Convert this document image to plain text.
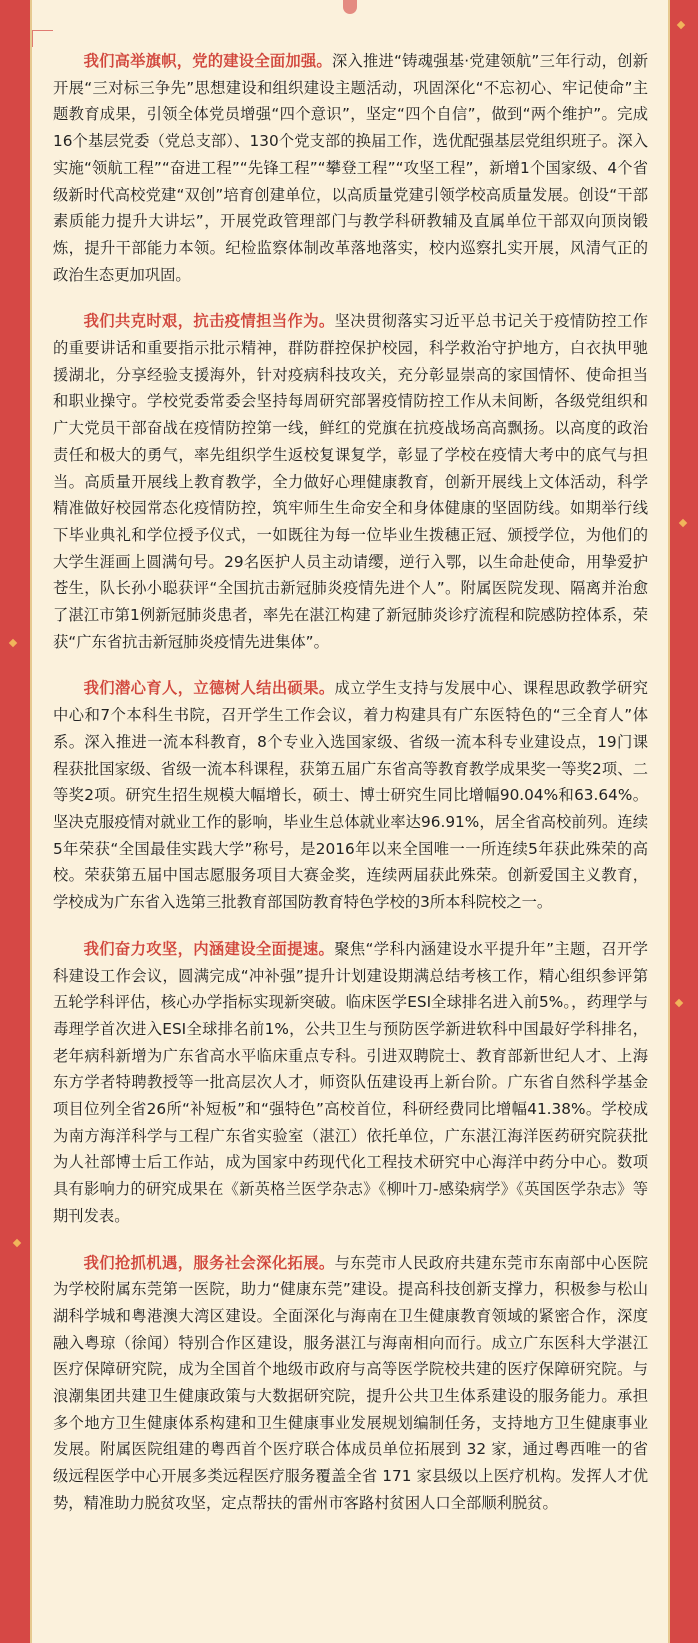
我们高举旗帜，党的建设全面加强。深入推进“铸魂强基·党建领航”三年行动，创新开展“三对标三争先”思想建设和组织建设主题活动，巩固深化“不忘初心、牢记使命”主题教育成果，引领全体党员增强“四个意识”，坚定“四个自信”，做到“两个维护”。完成16个基层党委（党总支部）、130个党支部的换届工作，选优配强基层党组织班子。深入实施“领航工程”“奋进工程”“先锋工程”“攀登工程”“攻坚工程”，新增1个国家级、4个省级新时代高校党建“双创”培育创建单位，以高质量党建引领学校高质量发展。创设“干部素质能力提升大讲坛”，开展党政管理部门与教学科研教辅及直属单位干部双向顶岗锻炼，提升干部能力本领。纪检监察体制改革落地落实，校内巡察扎实开展，风清气正的政治生态更加巩固。

我们共克时艰，抗击疫情担当作为。坚决贯彻落实习近平总书记关于疫情防控工作的重要讲话和重要指示批示精神，群防群控保护校园，科学救治守护地方，白衣执甲驰援湖北，分享经验支援海外，针对疫病科技攻关，充分彰显崇高的家国情怀、使命担当和职业操守。学校党委常委会坚持每周研究部署疫情防控工作从未间断，各级党组织和广大党员干部奋战在疫情防控第一线，鲜红的党旗在抗疫战场高高飘扬。以高度的政治责任和极大的勇气，率先组织学生返校复课复学，彰显了学校在疫情大考中的底气与担当。高质量开展线上教育教学，全力做好心理健康教育，创新开展线上文体活动，科学精准做好校园常态化疫情防控，筑牢师生生命安全和身体健康的坚固防线。如期举行线下毕业典礼和学位授予仪式，一如既往为每一位毕业生拨穗正冠、颁授学位，为他们的大学生涯画上圆满句号。29名医护人员主动请缨，逆行入鄂，以生命赴使命，用挚爱护苍生，队长孙小聪获评“全国抗击新冠肺炎疫情先进个人”。附属医院发现、隔离并治愈了湛江市第1例新冠肺炎患者，率先在湛江构建了新冠肺炎诊疗流程和院感防控体系，荣获“广东省抗击新冠肺炎疫情先进集体”。

我们潜心育人，立德树人结出硕果。成立学生支持与发展中心、课程思政教学研究中心和7个本科生书院，召开学生工作会议，着力构建具有广东医特色的“三全育人”体系。深入推进一流本科教育，8个专业入选国家级、省级一流本科专业建设点，19门课程获批国家级、省级一流本科课程，获第五届广东省高等教育教学成果奖一等奖2项、二等奖2项。研究生招生规模大幅增长，硕士、博士研究生同比增幅90.04%和63.64%。坚决克服疫情对就业工作的影响，毕业生总体就业率达96.91%，居全省高校前列。连续5年荣获“全国最佳实践大学”称号，是2016年以来全国唯一一所连续5年获此殊荣的高校。荣获第五届中国志愿服务项目大赛金奖，连续两届获此殊荣。创新爱国主义教育，学校成为广东省入选第三批教育部国防教育特色学校的3所本科院校之一。

我们奋力攻坚，内涵建设全面提速。聚焦“学科内涵建设水平提升年”主题，召开学科建设工作会议，圆满完成“冲补强”提升计划建设期满总结考核工作，精心组织参评第五轮学科评估，核心办学指标实现新突破。临床医学ESI全球排名进入前5%。，药理学与毒理学首次进入ESI全球排名前1%，公共卫生与预防医学新进软科中国最好学科排名，老年病科新增为广东省高水平临床重点专科。引进双聘院士、教育部新世纪人才、上海东方学者特聘教授等一批高层次人才，师资队伍建设再上新台阶。广东省自然科学基金项目位列全省26所“补短板”和“强特色”高校首位，科研经费同比增幅41.38%。学校成为南方海洋科学与工程广东省实验室（湛江）依托单位，广东湛江海洋医药研究院获批为人社部博士后工作站，成为国家中药现代化工程技术研究中心海洋中药分中心。数项具有影响力的研究成果在《新英格兰医学杂志》《柳叶刀-感染病学》《英国医学杂志》等期刊发表。

我们抢抓机遇，服务社会深化拓展。与东莞市人民政府共建东莞市东南部中心医院为学校附属东莞第一医院，助力“健康东莞”建设。提高科技创新支撑力，积极参与松山湖科学城和粤港澳大湾区建设。全面深化与海南在卫生健康教育领域的紧密合作，深度融入粤琼（徐闻）特别合作区建设，服务湛江与海南相向而行。成立广东医科大学湛江医疗保障研究院，成为全国首个地级市政府与高等医学院校共建的医疗保障研究院。与浪潮集团共建卫生健康政策与大数据研究院，提升公共卫生体系建设的服务能力。承担多个地方卫生健康体系构建和卫生健康事业发展规划编制任务，支持地方卫生健康事业发展。附属医院组建的粤西首个医疗联合体成员单位拓展到 32 家，通过粤西唯一的省级远程医学中心开展多类远程医疗服务覆盖全省 171 家县级以上医疗机构。发挥人才优势，精准助力脱贫攻坚，定点帮扶的雷州市客路村贫困人口全部顺利脱贫。
